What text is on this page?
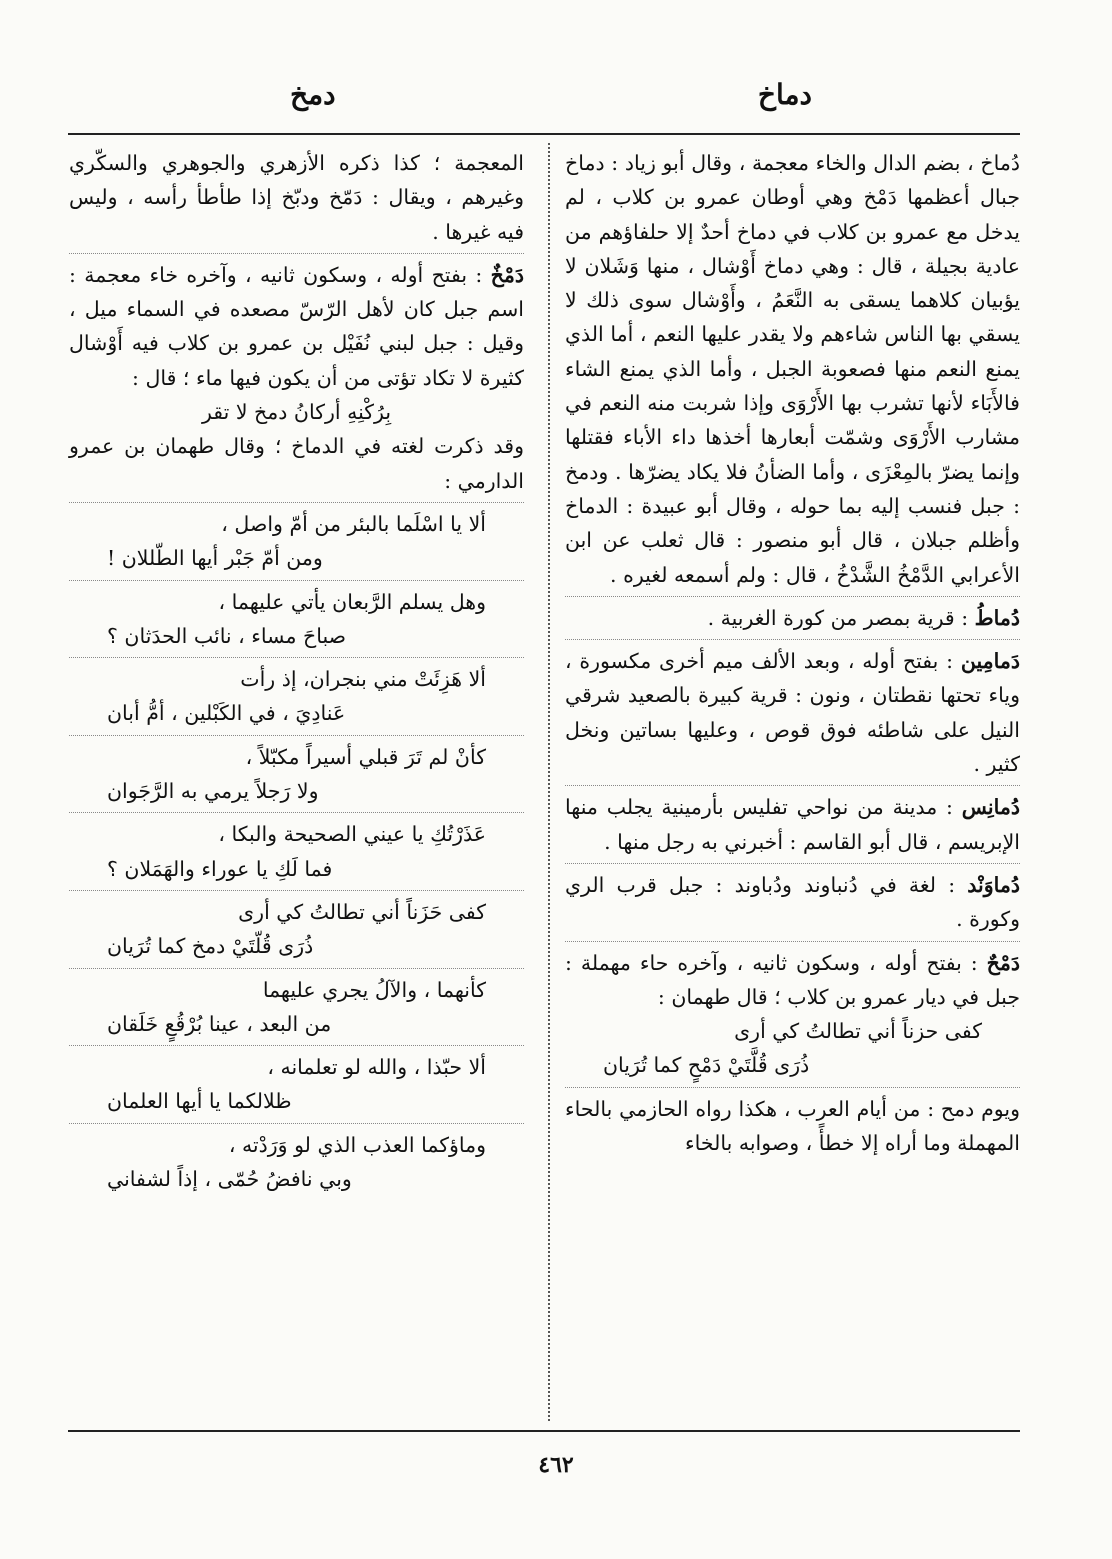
دماخ
دمخ

دُماخ ، بضم الدال والخاء معجمة ، وقال أبو زياد : دماخ جبال أعظمها دَمْخ وهي أوطان عمرو بن كلاب ، لم يدخل مع عمرو بن كلاب في دماخ أحدٌ إلا حلفاؤهم من عادية بجيلة ، قال : وهي دماخ أَوْشال ، منها وَشَلان لا يؤبيان كلاهما يسقى به النَّعَمُ ، وأَوْشال سوى ذلك لا يسقي بها الناس شاءهم ولا يقدر عليها النعم ، أما الذي يمنع النعم منها فصعوبة الجبل ، وأما الذي يمنع الشاء فالأَبَاء لأنها تشرب بها الأَرْوَى وإذا شربت منه النعم في مشارب الأَرْوَى وشمّت أبعارها أخذها داء الأباء فقتلها وإنما يضرّ بالمِعْزَى ، وأما الضأنُ فلا يكاد يضرّها . ودمخ : جبل فنسب إليه بما حوله ، وقال أبو عبيدة : الدماخ وأظلم جبلان ، قال أبو منصور : قال ثعلب عن ابن الأعرابي الدَّمْخُ الشَّدْخُ ، قال : ولم أسمعه لغيره .

دُماطُ : قرية بمصر من كورة الغربية .

دَمامِين : بفتح أوله ، وبعد الألف ميم أخرى مكسورة ، وياء تحتها نقطتان ، ونون : قرية كبيرة بالصعيد شرقي النيل على شاطئه فوق قوص ، وعليها بساتين ونخل كثير .

دُمانِس : مدينة من نواحي تفليس بأرمينية يجلب منها الإبريسم ، قال أبو القاسم : أخبرني به رجل منها .

دُماوَنْد : لغة في دُنباوند ودُباوند : جبل قرب الري وكورة .

دَمْحٌ : بفتح أوله ، وسكون ثانيه ، وآخره حاء مهملة : جبل في ديار عمرو بن كلاب ؛ قال طهمان :

كفى حزناً أني تطالتُ كي أرى

ذُرَى قُلَّتَيْ دَمْحٍ كما تُرَيان

ويوم دمح : من أيام العرب ، هكذا رواه الحازمي بالحاء المهملة وما أراه إلا خطأً ، وصوابه بالخاء

المعجمة ؛ كذا ذكره الأزهري والجوهري والسكّري وغيرهم ، ويقال : دَمّخ ودبّخ إذا طأطأ رأسه ، وليس فيه غيرها .

دَمْخٌ : بفتح أوله ، وسكون ثانيه ، وآخره خاء معجمة : اسم جبل كان لأهل الرّسّ مصعده في السماء ميل ، وقيل : جبل لبني نُفَيْل بن عمرو بن كلاب فيه أَوْشال كثيرة لا تكاد تؤتى من أن يكون فيها ماء ؛ قال :

بِرُكْنِهِ أركانُ دمخ لا تقر

وقد ذكرت لغته في الدماخ ؛ وقال طهمان بن عمرو الدارمي :

ألا يا اسْلَما بالبئر من أمّ واصل ،

ومن أمّ جَبْر أيها الطّللان !

وهل يسلم الرَّبعان يأتي عليهما ،

صباحَ مساء ، نائب الحدَثان ؟

ألا هَزِئَتْ مني بنجران، إذ رأت

عَنادِيَ ، في الكَبْلين ، أمُّ أبان

كأنْ لم تَرَ قبلي أسيراً مكبّلاً ،

ولا رَجلاً يرمي به الرَّجَوان

عَذَرْتُكِ يا عيني الصحيحة والبكا ،

فما لَكِ يا عوراء والهَمَلان ؟

كفى حَزَناً أني تطالتُ كي أرى

ذُرَى قُلّتَيْ دمخ كما تُرَيان

كأنهما ، والآلُ يجري عليهما

من البعد ، عينا بُرْقُعٍ خَلَقان

ألا حبّذا ، والله لو تعلمانه ،

ظلالكما يا أيها العلمان

وماؤكما العذب الذي لو وَرَدْته ،

وبي نافضُ حُمّى ، إذاً لشفاني

٤٦٢
